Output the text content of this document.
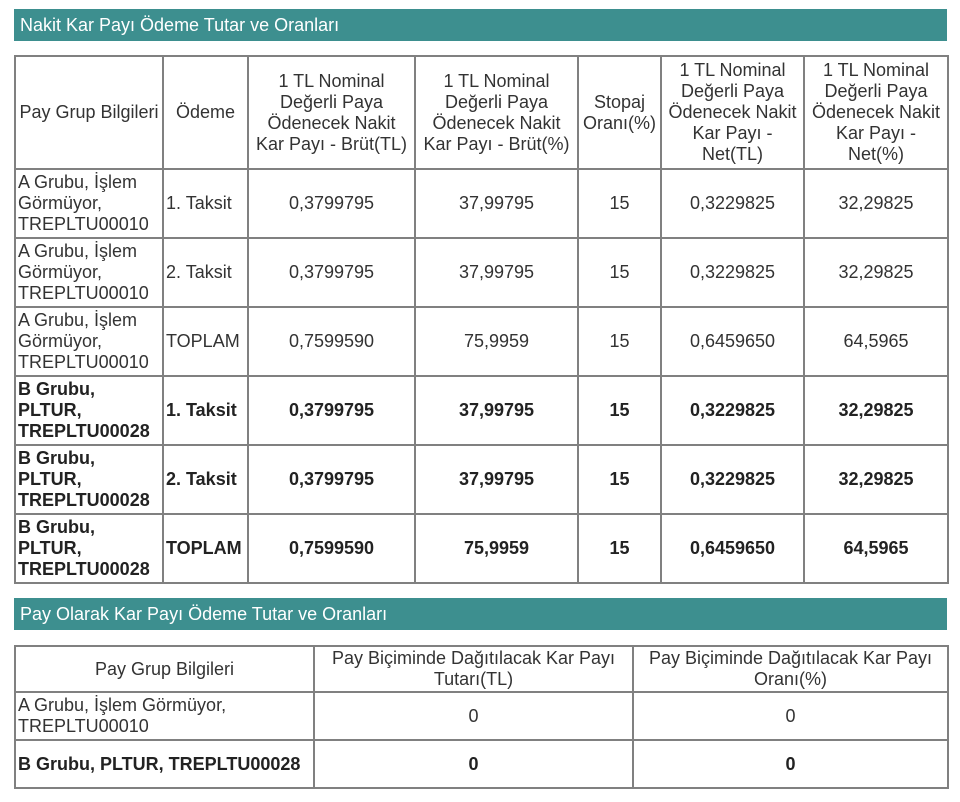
Nakit Kar Payı Ödeme Tutar ve Oranları
Pay Grup Bilgileri	Ödeme	1 TL Nominal Değerli Paya Ödenecek Nakit Kar Payı - Brüt(TL)	1 TL Nominal Değerli Paya Ödenecek Nakit Kar Payı - Brüt(%)	Stopaj Oranı(%)	1 TL Nominal Değerli Paya Ödenecek Nakit Kar Payı - Net(TL)	1 TL Nominal Değerli Paya Ödenecek Nakit Kar Payı - Net(%)
A Grubu, İşlem Görmüyor, TREPLTU00010	1. Taksit	0,3799795	37,99795	15	0,3229825	32,29825
A Grubu, İşlem Görmüyor, TREPLTU00010	2. Taksit	0,3799795	37,99795	15	0,3229825	32,29825
A Grubu, İşlem Görmüyor, TREPLTU00010	TOPLAM	0,7599590	75,9959	15	0,6459650	64,5965
B Grubu, PLTUR, TREPLTU00028	1. Taksit	0,3799795	37,99795	15	0,3229825	32,29825
B Grubu, PLTUR, TREPLTU00028	2. Taksit	0,3799795	37,99795	15	0,3229825	32,29825
B Grubu, PLTUR, TREPLTU00028	TOPLAM	0,7599590	75,9959	15	0,6459650	64,5965
Pay Olarak Kar Payı Ödeme Tutar ve Oranları
Pay Grup Bilgileri	Pay Biçiminde Dağıtılacak Kar Payı Tutarı(TL)	Pay Biçiminde Dağıtılacak Kar Payı Oranı(%)
A Grubu, İşlem Görmüyor, TREPLTU00010	0	0
B Grubu, PLTUR, TREPLTU00028	0	0
